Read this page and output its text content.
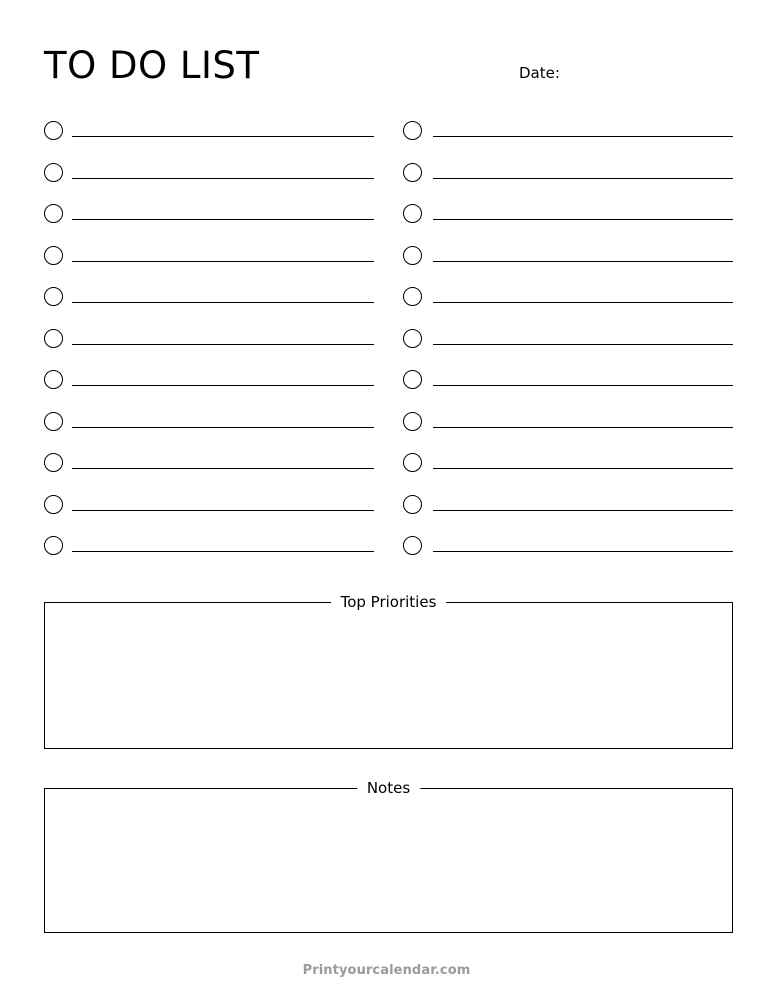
TO DO LIST	Date:
Top Priorities
Notes
Printyourcalendar.com
